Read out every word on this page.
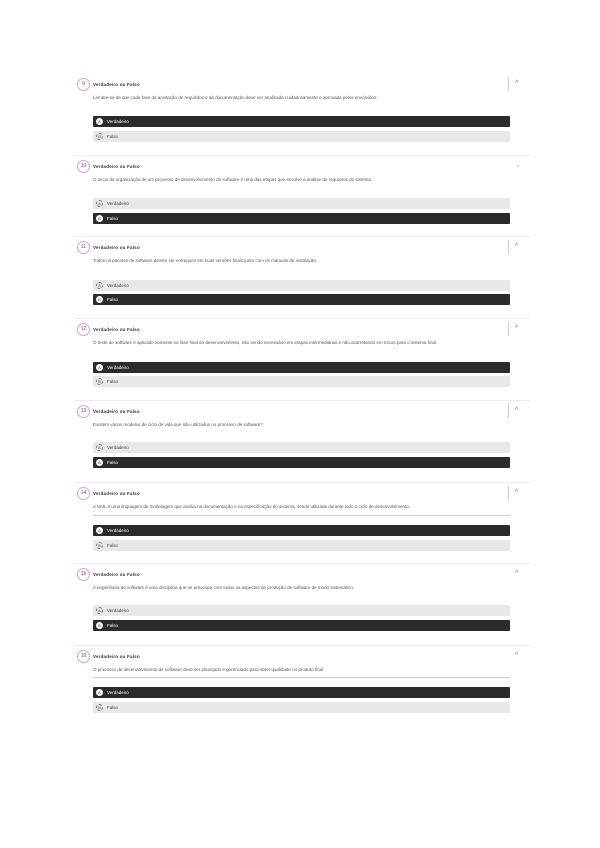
9	Verdadeiro ou Falso	^
Lembre-se de que cada fase da aceitação de requisitos e da documentação deve ser analisada cuidadosamente e aprovada pelos envolvidos.
A	Verdadeiro
B	Falso
10	Verdadeiro ou Falso	⌄
O início da organização de um processo de desenvolvimento de software é uma das etapas que envolve a análise de requisitos do sistema.
A	Verdadeiro
B	Falso
11	Verdadeiro ou Falso	^
Todos os pacotes de software devem ser entregues em suas versões finais junto com os manuais de instalação.
A	Verdadeiro
B	Falso
12	Verdadeiro ou Falso	^
O teste de software é aplicado somente na fase final do desenvolvimento, não sendo necessário em etapas intermediárias e não acarretando em riscos para o sistema final.
A	Verdadeiro
B	Falso
13	Verdadeiro ou Falso	^
Existem vários modelos de ciclo de vida que são utilizados no processo de software?
A	Verdadeiro
B	Falso
14	Verdadeiro ou Falso	^
A UML é uma linguagem de modelagem que auxilia na documentação e na especificação do sistema, sendo utilizada durante todo o ciclo de desenvolvimento.
A	Verdadeiro
B	Falso
15	Verdadeiro ou Falso	^
A engenharia de software é uma disciplina que se preocupa com todos os aspectos da produção de software de modo sistemático.
A	Verdadeiro
B	Falso
16	Verdadeiro ou Falso	^
O processo de desenvolvimento de software deve ser planejado e gerenciado para obter qualidade no produto final.
A	Verdadeiro
B	Falso
